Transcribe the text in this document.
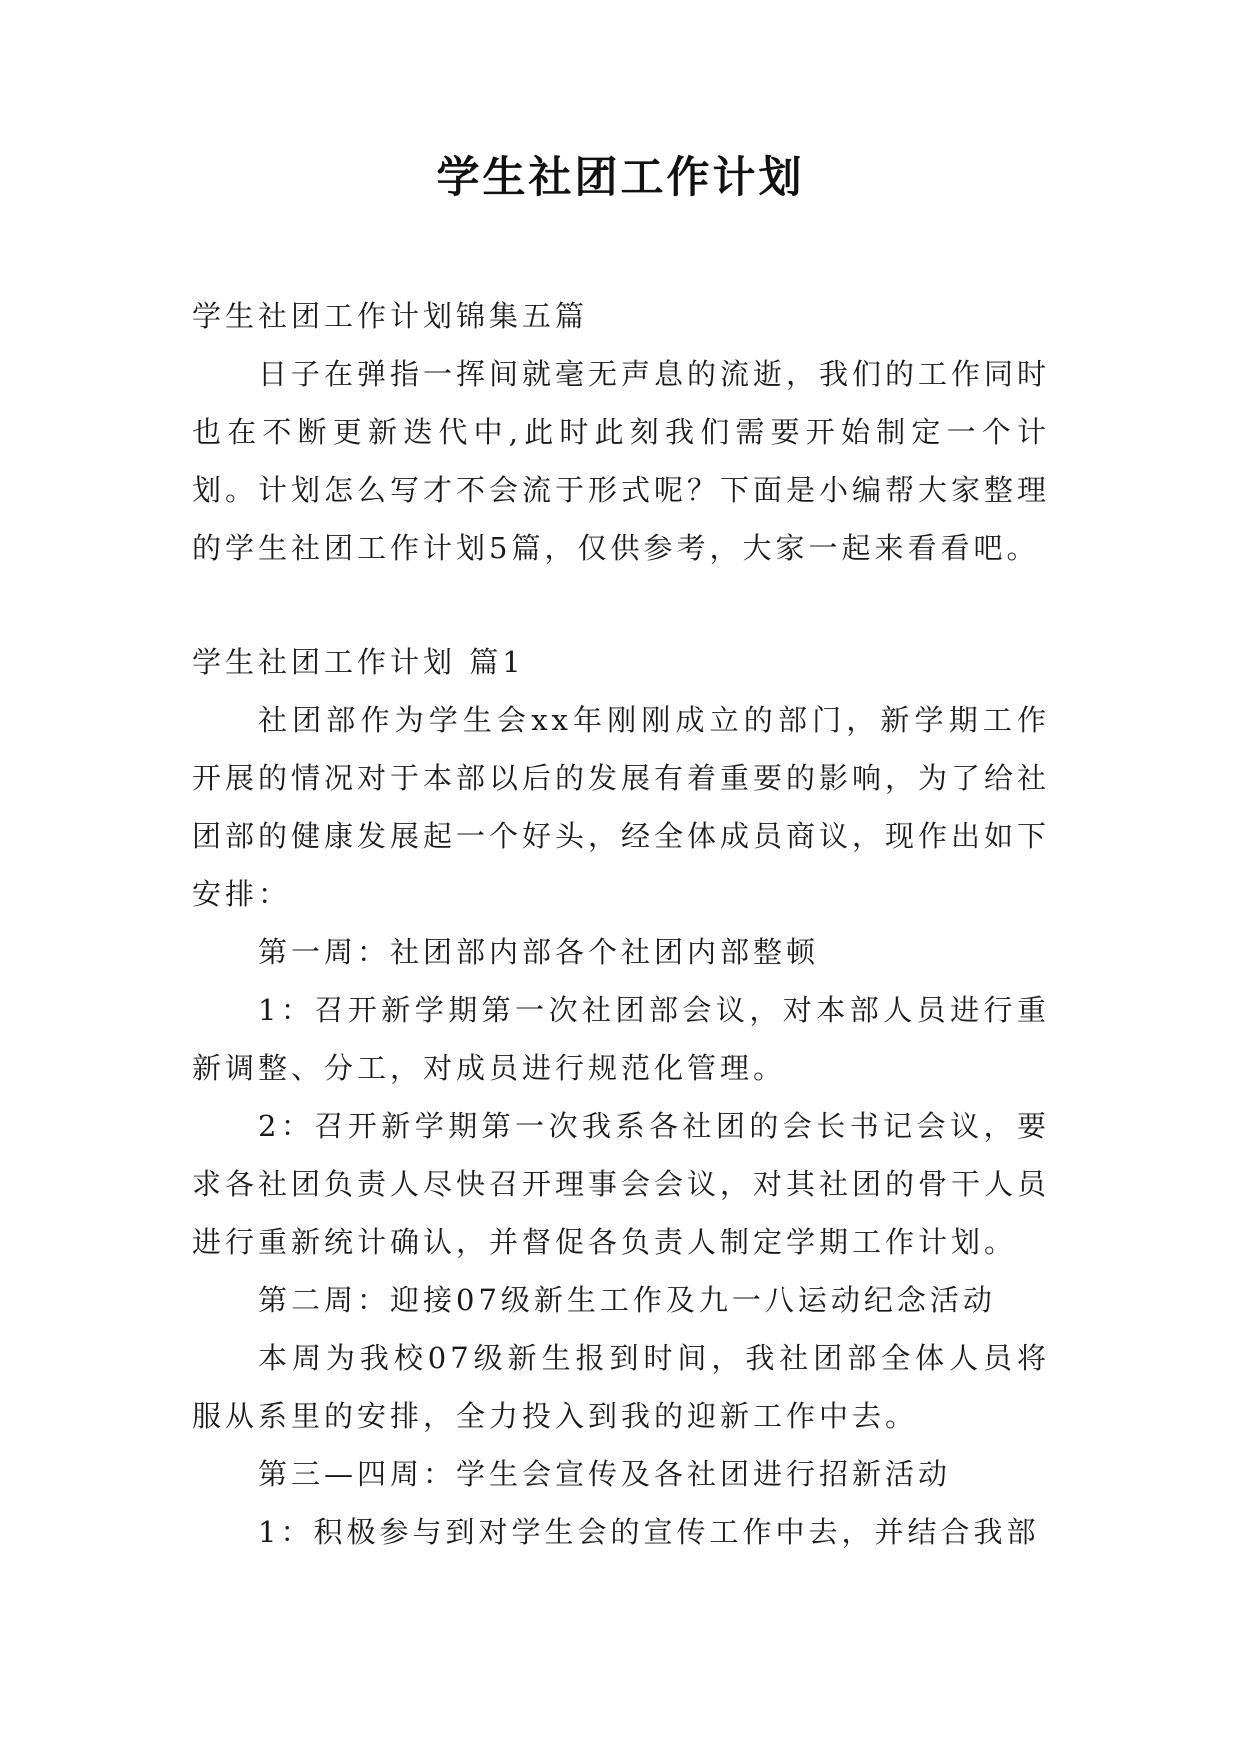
学生社团工作计划

学生社团工作计划锦集五篇

日子在弹指一挥间就毫无声息的流逝，我们的工作同时也在不断更新迭代中,此时此刻我们需要开始制定一个计划。计划怎么写才不会流于形式呢？下面是小编帮大家整理的学生社团工作计划5篇，仅供参考，大家一起来看看吧。

学生社团工作计划 篇1

社团部作为学生会xx年刚刚成立的部门，新学期工作开展的情况对于本部以后的发展有着重要的影响，为了给社团部的健康发展起一个好头，经全体成员商议，现作出如下安排：

第一周：社团部内部各个社团内部整顿

1：召开新学期第一次社团部会议，对本部人员进行重新调整、分工，对成员进行规范化管理。

2：召开新学期第一次我系各社团的会长书记会议，要求各社团负责人尽快召开理事会会议，对其社团的骨干人员进行重新统计确认，并督促各负责人制定学期工作计划。

第二周：迎接07级新生工作及九一八运动纪念活动

本周为我校07级新生报到时间，我社团部全体人员将服从系里的安排，全力投入到我的迎新工作中去。

第三—四周：学生会宣传及各社团进行招新活动

1：积极参与到对学生会的宣传工作中去，并结合我部
